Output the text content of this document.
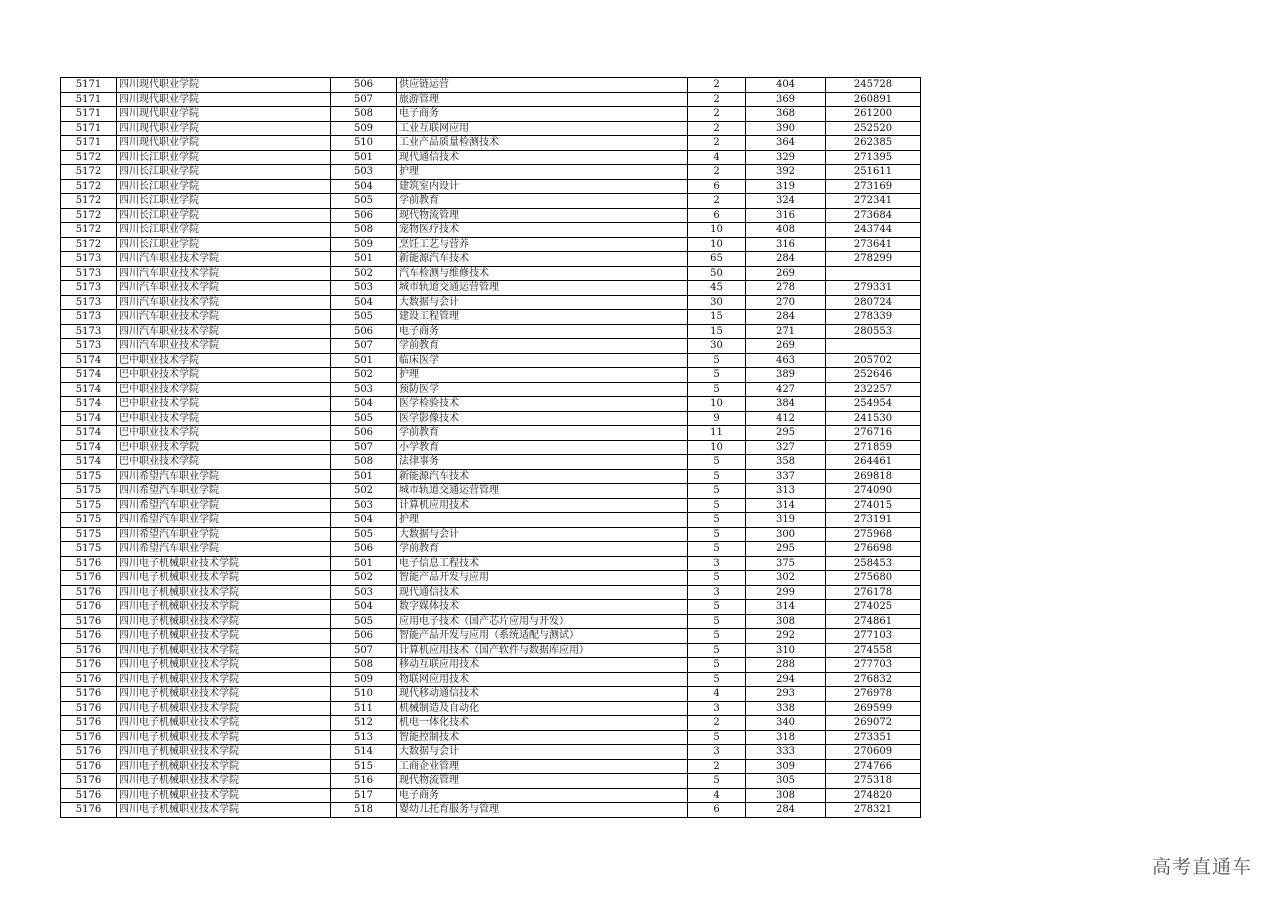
5171	四川现代职业学院	506	供应链运营	2	404	245728
5171	四川现代职业学院	507	旅游管理	2	369	260891
5171	四川现代职业学院	508	电子商务	2	368	261200
5171	四川现代职业学院	509	工业互联网应用	2	390	252520
5171	四川现代职业学院	510	工业产品质量检测技术	2	364	262385
5172	四川长江职业学院	501	现代通信技术	4	329	271395
5172	四川长江职业学院	503	护理	2	392	251611
5172	四川长江职业学院	504	建筑室内设计	6	319	273169
5172	四川长江职业学院	505	学前教育	2	324	272341
5172	四川长江职业学院	506	现代物流管理	6	316	273684
5172	四川长江职业学院	508	宠物医疗技术	10	408	243744
5172	四川长江职业学院	509	烹饪工艺与营养	10	316	273641
5173	四川汽车职业技术学院	501	新能源汽车技术	65	284	278299
5173	四川汽车职业技术学院	502	汽车检测与维修技术	50	269	
5173	四川汽车职业技术学院	503	城市轨道交通运营管理	45	278	279331
5173	四川汽车职业技术学院	504	大数据与会计	30	270	280724
5173	四川汽车职业技术学院	505	建设工程管理	15	284	278339
5173	四川汽车职业技术学院	506	电子商务	15	271	280553
5173	四川汽车职业技术学院	507	学前教育	30	269	
5174	巴中职业技术学院	501	临床医学	5	463	205702
5174	巴中职业技术学院	502	护理	5	389	252646
5174	巴中职业技术学院	503	预防医学	5	427	232257
5174	巴中职业技术学院	504	医学检验技术	10	384	254954
5174	巴中职业技术学院	505	医学影像技术	9	412	241530
5174	巴中职业技术学院	506	学前教育	11	295	276716
5174	巴中职业技术学院	507	小学教育	10	327	271859
5174	巴中职业技术学院	508	法律事务	5	358	264461
5175	四川希望汽车职业学院	501	新能源汽车技术	5	337	269818
5175	四川希望汽车职业学院	502	城市轨道交通运营管理	5	313	274090
5175	四川希望汽车职业学院	503	计算机应用技术	5	314	274015
5175	四川希望汽车职业学院	504	护理	5	319	273191
5175	四川希望汽车职业学院	505	大数据与会计	5	300	275968
5175	四川希望汽车职业学院	506	学前教育	5	295	276698
5176	四川电子机械职业技术学院	501	电子信息工程技术	3	375	258453
5176	四川电子机械职业技术学院	502	智能产品开发与应用	5	302	275680
5176	四川电子机械职业技术学院	503	现代通信技术	3	299	276178
5176	四川电子机械职业技术学院	504	数字媒体技术	5	314	274025
5176	四川电子机械职业技术学院	505	应用电子技术（国产芯片应用与开发）	5	308	274861
5176	四川电子机械职业技术学院	506	智能产品开发与应用（系统适配与测试）	5	292	277103
5176	四川电子机械职业技术学院	507	计算机应用技术（国产软件与数据库应用）	5	310	274558
5176	四川电子机械职业技术学院	508	移动互联应用技术	5	288	277703
5176	四川电子机械职业技术学院	509	物联网应用技术	5	294	276832
5176	四川电子机械职业技术学院	510	现代移动通信技术	4	293	276978
5176	四川电子机械职业技术学院	511	机械制造及自动化	3	338	269599
5176	四川电子机械职业技术学院	512	机电一体化技术	2	340	269072
5176	四川电子机械职业技术学院	513	智能控制技术	5	318	273351
5176	四川电子机械职业技术学院	514	大数据与会计	3	333	270609
5176	四川电子机械职业技术学院	515	工商企业管理	2	309	274766
5176	四川电子机械职业技术学院	516	现代物流管理	5	305	275318
5176	四川电子机械职业技术学院	517	电子商务	4	308	274820
5176	四川电子机械职业技术学院	518	婴幼儿托育服务与管理	6	284	278321
高考直通车
